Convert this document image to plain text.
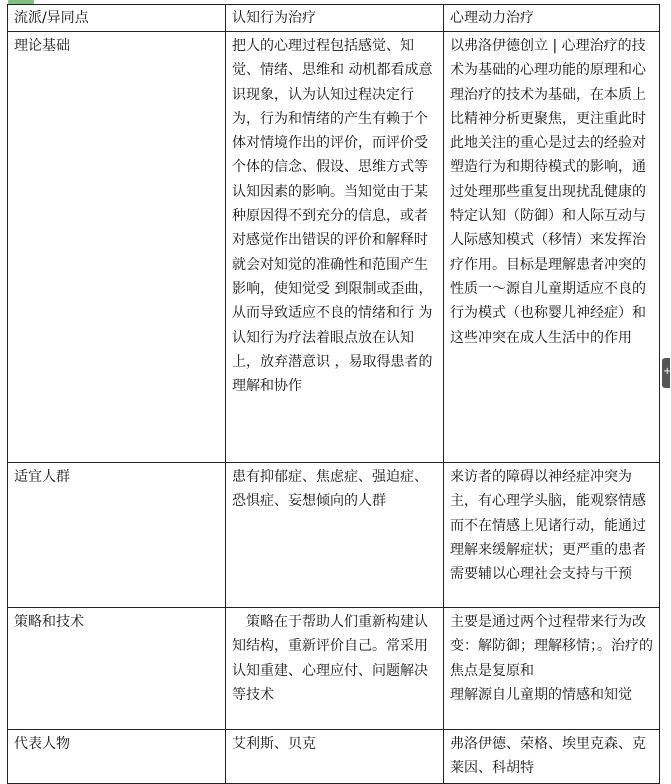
流派/异同点	认知行为治疗	心理动力治疗
理论基础	把人的心理过程包括感觉、知觉、情绪、思维和 动机都看成意识现象，认为认知过程决定行为，行为和情绪的产生有赖于个体对情境作出的评价，而评价受个体的信念、假设、思维方式等认知因素的影响。当知觉由于某种原因得不到充分的信息，或者对感觉作出错误的评价和解释时就会对知觉的准确性和范围产生影响，使知觉受 到限制或歪曲，从而导致适应不良的情绪和行 为认知行为疗法着眼点放在认知上，放弃潜意识 ，易取得患者的理解和协作	以弗洛伊德创立 | 心理治疗的技术为基础的心理功能的原理和心理治疗的技术为基础，在本质上比精神分析更聚焦，更注重此时此地关注的重心是过去的经验对塑造行为和期待模式的影响，通过处理那些重复出现扰乱健康的特定认知（防御）和人际互动与人际感知模式（移情）来发挥治疗作用。目标是理解患者冲突的性质一～源自儿童期适应不良的行为模式（也称婴儿神经症）和这些冲突在成人生活中的作用
适宜人群	患有抑郁症、焦虑症、强迫症、恐惧症、妄想倾向的人群	来访者的障碍以神经症冲突为主，有心理学头脑，能观察情感而不在情感上见诸行动，能通过理解来缓解症状；更严重的患者需要辅以心理社会支持与干预
策略和技术	　策略在于帮助人们重新构建认知结构，重新评价自己。常采用认知重建、心理应付、问题解决等技术	主要是通过两个过程带来行为改变：解防御；理解移情；。治疗的焦点是复原和
理解源自儿童期的情感和知觉

代表人物	艾利斯、贝克	弗洛伊德、荣格、埃里克森、克莱因、科胡特
+
